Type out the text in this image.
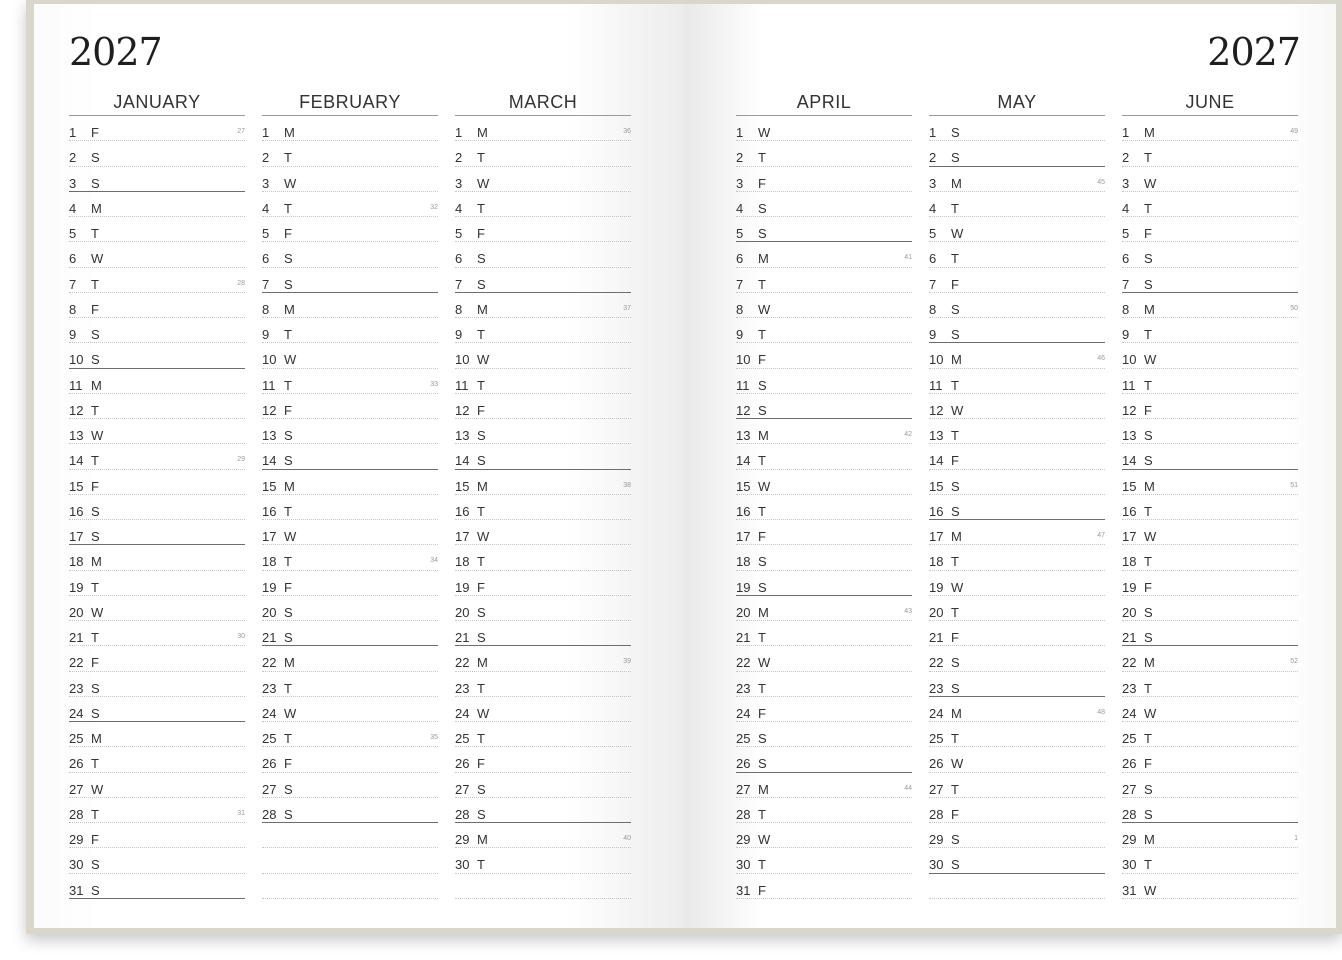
2027
JANUARY
1 F	27
2 S
3 S
4 M
5 T
6 W
7 T	28
8 F
9 S
10 S
11 M
12 T
13 W
14 T	29
15 F
16 S
17 S
18 M
19 T
20 W
21 T	30
22 F
23 S
24 S
25 M
26 T
27 W
28 T	31
29 F
30 S
31 S
FEBRUARY
1 M
2 T
3 W
4 T	32
5 F
6 S
7 S
8 M
9 T
10 W
11 T	33
12 F
13 S
14 S
15 M
16 T
17 W
18 T	34
19 F
20 S
21 S
22 M
23 T
24 W
25 T	35
26 F
27 S
28 S
MARCH
1 M	36
2 T
3 W
4 T
5 F
6 S
7 S
8 M	37
9 T
10 W
11 T
12 F
13 S
14 S
15 M	38
16 T
17 W
18 T
19 F
20 S
21 S
22 M	39
23 T
24 W
25 T
26 F
27 S
28 S
29 M	40
30 T
2027
APRIL
1 W
2 T
3 F
4 S
5 S
6 M	41
7 T
8 W
9 T
10 F
11 S
12 S
13 M	42
14 T
15 W
16 T
17 F
18 S
19 S
20 M	43
21 T
22 W
23 T
24 F
25 S
26 S
27 M	44
28 T
29 W
30 T
31 F
MAY
1 S
2 S
3 M	45
4 T
5 W
6 T
7 F
8 S
9 S
10 M	46
11 T
12 W
13 T
14 F
15 S
16 S
17 M	47
18 T
19 W
20 T
21 F
22 S
23 S
24 M	48
25 T
26 W
27 T
28 F
29 S
30 S
JUNE
1 M	49
2 T
3 W
4 T
5 F
6 S
7 S
8 M	50
9 T
10 W
11 T
12 F
13 S
14 S
15 M	51
16 T
17 W
18 T
19 F
20 S
21 S
22 M	52
23 T
24 W
25 T
26 F
27 S
28 S
29 M	1
30 T
31 W
